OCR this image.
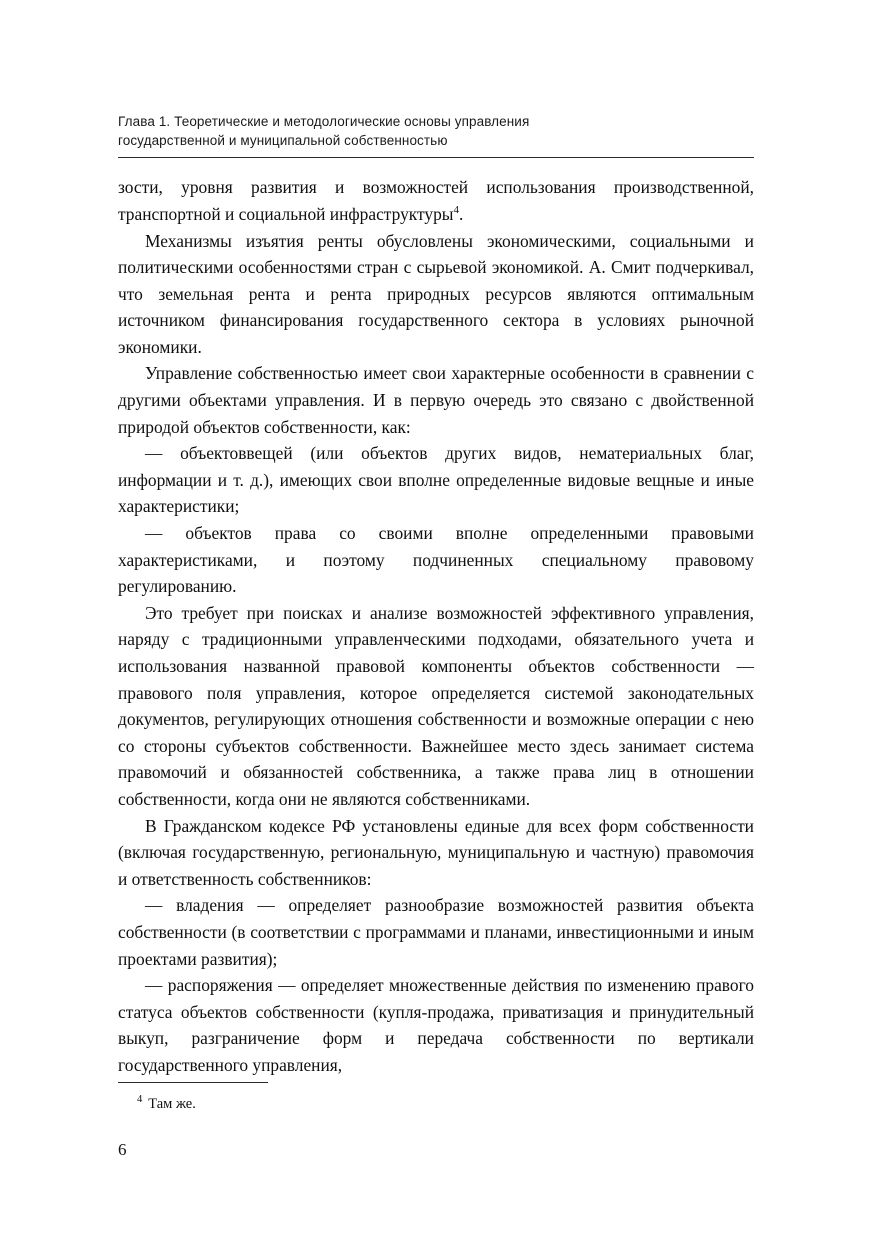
Глава 1. Теоретические и методологические основы управления
государственной и муниципальной собственностью

зости, уровня развития и возможностей использования производственной, транспортной и социальной инфраструктуры$^4$.

Механизмы изъятия ренты обусловлены экономическими, социальными и политическими особенностями стран с сырьевой экономикой. А. Смит подчеркивал, что земельная рента и рента природных ресурсов являются оптимальным источником финансирования государственного сектора в условиях рыночной экономики.

Управление собственностью имеет свои характерные особенности в сравнении с другими объектами управления. И в первую очередь это связано с двойственной природой объектов собственности, как:

— объектоввещей (или объектов других видов, нематериальных благ, информации и т. д.), имеющих свои вполне определенные видовые вещные и иные характеристики;

— объектов права со своими вполне определенными правовыми характеристиками, и поэтому подчиненных специальному правовому регулированию.

Это требует при поисках и анализе возможностей эффективного управления, наряду с традиционными управленческими подходами, обязательного учета и использования названной правовой компоненты объектов собственности — правового поля управления, которое определяется системой законодательных документов, регулирующих отношения собственности и возможные операции с нею со стороны субъектов собственности. Важнейшее место здесь занимает система правомочий и обязанностей собственника, а также права лиц в отношении собственности, когда они не являются собственниками.

В Гражданском кодексе РФ установлены единые для всех форм собственности (включая государственную, региональную, муниципальную и частную) правомочия и ответственность собственников:

— владения — определяет разнообразие возможностей развития объекта собственности (в соответствии с программами и планами, инвестиционными и иным проектами развития);

— распоряжения — определяет множественные действия по изменению правого статуса объектов собственности (купля-продажа, приватизация и принудительный выкуп, разграничение форм и передача собственности по вертикали государственного управления,

$^4$ Там же.
6
